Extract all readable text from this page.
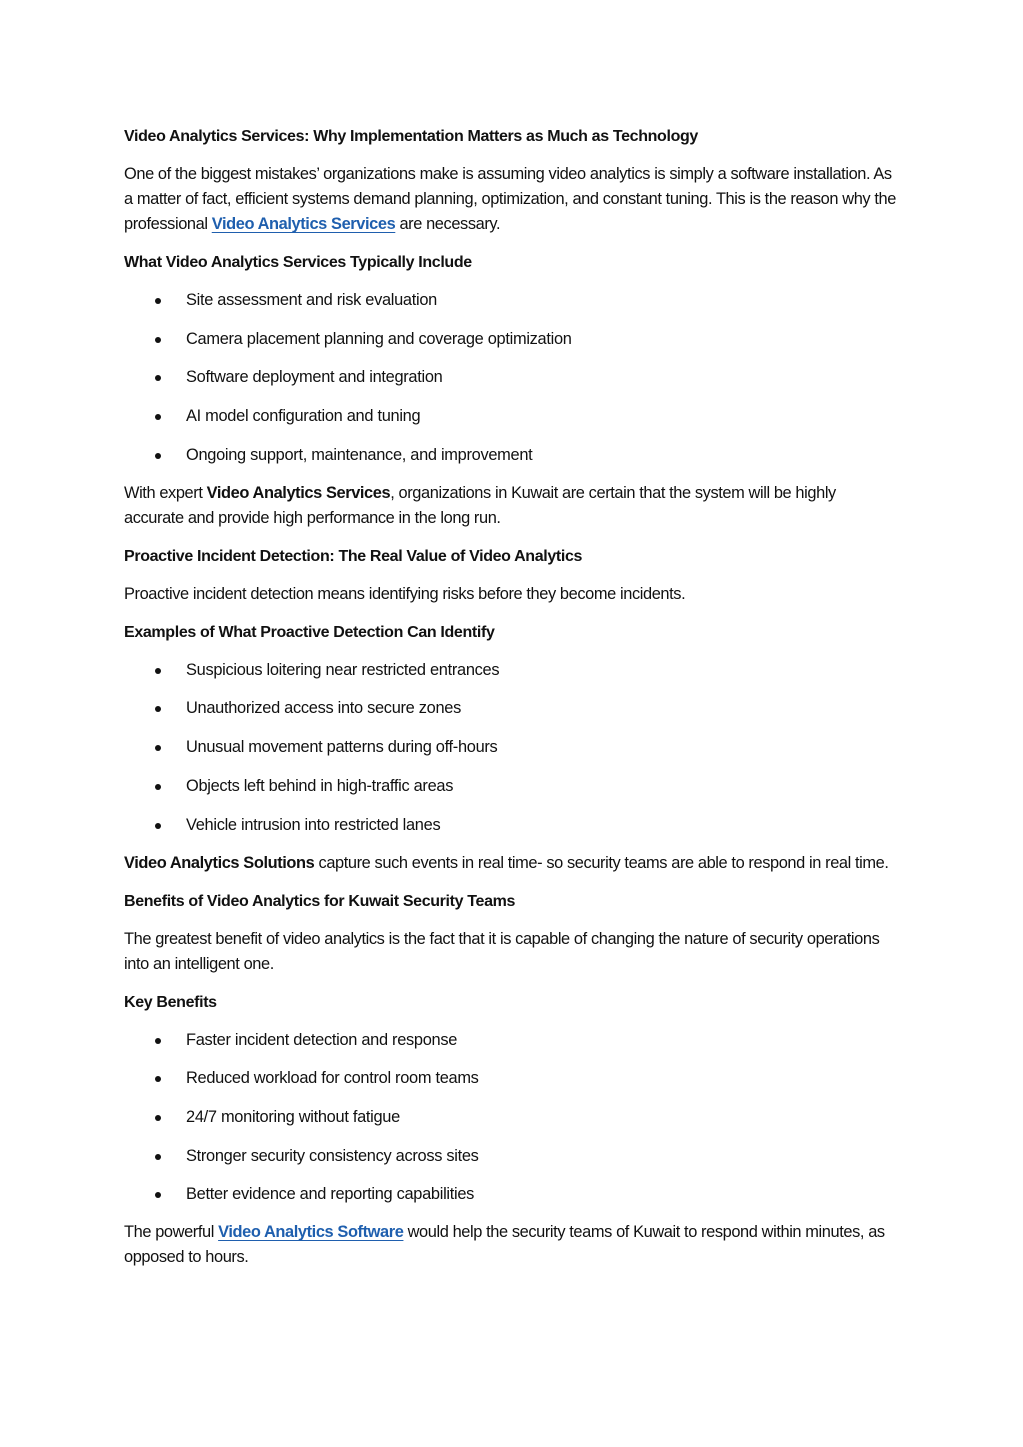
Video Analytics Services: Why Implementation Matters as Much as Technology

One of the biggest mistakes’ organizations make is assuming video analytics is simply a software installation. As a matter of fact, efficient systems demand planning, optimization, and constant tuning. This is the reason why the professional Video Analytics Services are necessary.

What Video Analytics Services Typically Include
Site assessment and risk evaluation
Camera placement planning and coverage optimization
Software deployment and integration
AI model configuration and tuning
Ongoing support, maintenance, and improvement

With expert Video Analytics Services, organizations in Kuwait are certain that the system will be highly accurate and provide high performance in the long run.

Proactive Incident Detection: The Real Value of Video Analytics

Proactive incident detection means identifying risks before they become incidents.

Examples of What Proactive Detection Can Identify
Suspicious loitering near restricted entrances
Unauthorized access into secure zones
Unusual movement patterns during off-hours
Objects left behind in high-traffic areas
Vehicle intrusion into restricted lanes

Video Analytics Solutions capture such events in real time- so security teams are able to respond in real time.

Benefits of Video Analytics for Kuwait Security Teams

The greatest benefit of video analytics is the fact that it is capable of changing the nature of security operations into an intelligent one.

Key Benefits
Faster incident detection and response
Reduced workload for control room teams
24/7 monitoring without fatigue
Stronger security consistency across sites
Better evidence and reporting capabilities

The powerful Video Analytics Software would help the security teams of Kuwait to respond within minutes, as opposed to hours.
